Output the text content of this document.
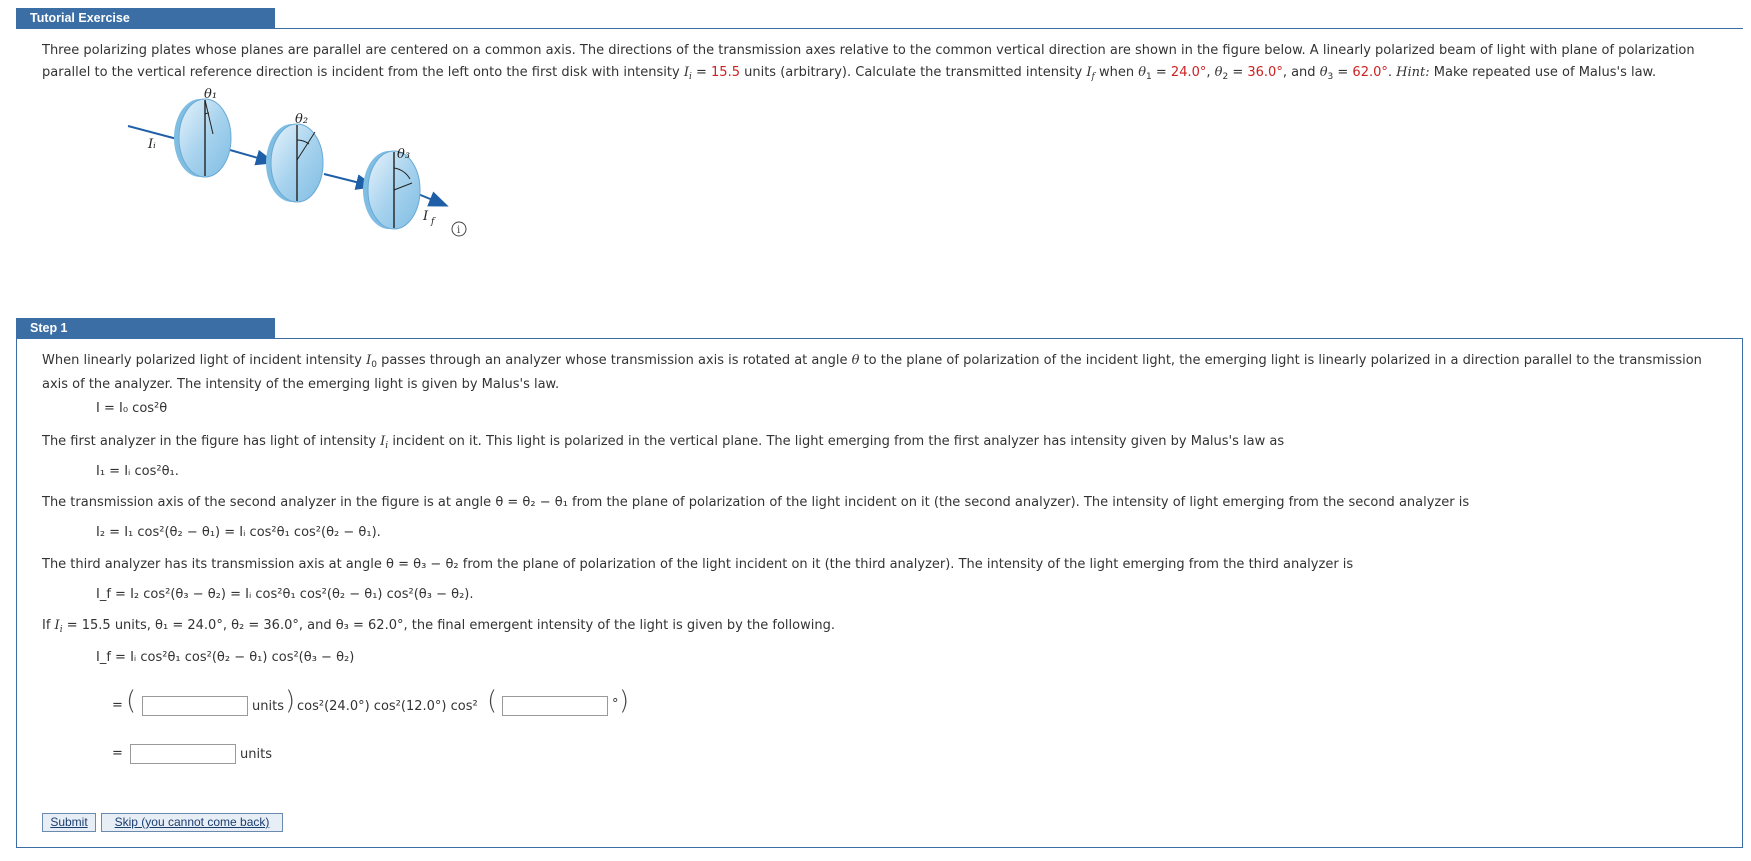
Tutorial Exercise
Three polarizing plates whose planes are parallel are centered on a common axis. The directions of the transmission axes relative to the common vertical direction are shown in the figure below. A linearly polarized beam of light with plane of polarization parallel to the vertical reference direction is incident from the left onto the first disk with intensity $I_i = 15.5$ units (arbitrary). Calculate the transmitted intensity $I_f$ when $\theta_1 = 24.0^\circ$, $\theta_2 = 36.0^\circ$, and $\theta_3 = 62.0^\circ$. Hint: Make repeated use of Malus's law.
θ₁
θ₂
θ₃
Iᵢ
I f
i
Step 1
When linearly polarized light of incident intensity $I_0$ passes through an analyzer whose transmission axis is rotated at angle θ to the plane of polarization of the incident light, the emerging light is linearly polarized in a direction parallel to the transmission
axis of the analyzer. The intensity of the emerging light is given by Malus's law.
I = I₀ cos²θ
The first analyzer in the figure has light of intensity $I_i$ incident on it. This light is polarized in the vertical plane. The light emerging from the first analyzer has intensity given by Malus's law as
I₁ = Iᵢ cos²θ₁.
The transmission axis of the second analyzer in the figure is at angle θ = θ₂ − θ₁ from the plane of polarization of the light incident on it (the second analyzer). The intensity of light emerging from the second analyzer is
I₂ = I₁ cos²(θ₂ − θ₁) = Iᵢ cos²θ₁ cos²(θ₂ − θ₁).
The third analyzer has its transmission axis at angle θ = θ₃ − θ₂ from the plane of polarization of the light incident on it (the third analyzer). The intensity of the light emerging from the third analyzer is
I_f = I₂ cos²(θ₃ − θ₂) = Iᵢ cos²θ₁ cos²(θ₂ − θ₁) cos²(θ₃ − θ₂).
If $I_i = 15.5$ units, θ₁ = 24.0°, θ₂ = 36.0°, and θ₃ = 62.0°, the final emergent intensity of the light is given by the following.
I_f = Iᵢ cos²θ₁ cos²(θ₂ − θ₁) cos²(θ₃ − θ₂)
= (	units ) cos²(24.0°) cos²(12.0°) cos² (	° )
=	units
Submit	Skip (you cannot come back)
